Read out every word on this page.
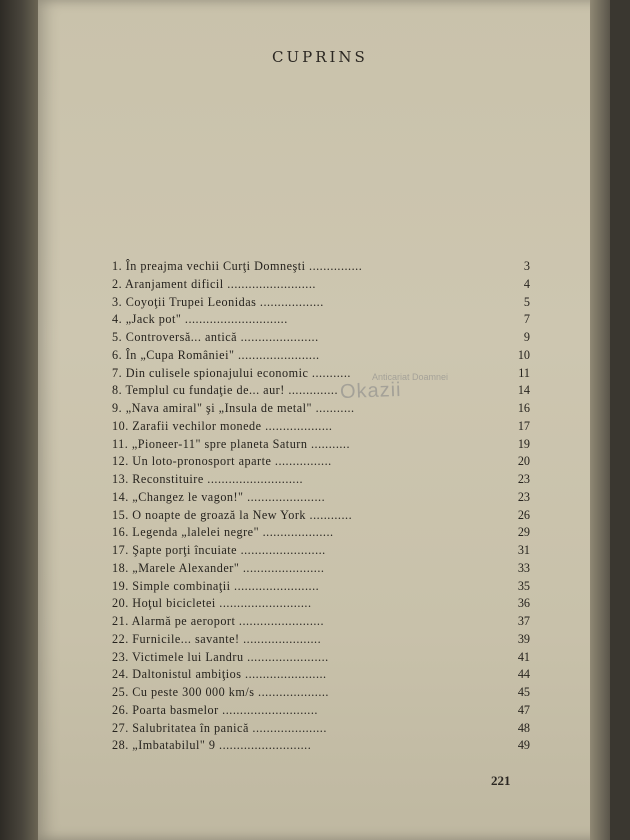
CUPRINS
1. În preajma vechii Curţi Domneşti ...............	3
2. Aranjament dificil .........................	4
3. Coyoţii Trupei Leonidas ..................	5
4. „Jack pot" .............................	7
5. Controversă... antică ......................	9
6. În „Cupa României" .......................	10
7. Din culisele spionajului economic ...........	11
8. Templul cu fundaţie de... aur! ..............	14
9. „Nava amiral" şi „Insula de metal" ...........	16
10. Zarafii vechilor monede ...................	17
11. „Pioneer-11" spre planeta Saturn ...........	19
12. Un loto-pronosport aparte ................	20
13. Reconstituire ...........................	23
14. „Changez le vagon!" ......................	23
15. O noapte de groază la New York ............	26
16. Legenda „lalelei negre" ....................	29
17. Şapte porţi încuiate ........................	31
18. „Marele Alexander" .......................	33
19. Simple combinaţii ........................	35
20. Hoţul bicicletei ..........................	36
21. Alarmă pe aeroport ........................	37
22. Furnicile... savante! ......................	39
23. Victimele lui Landru .......................	41
24. Daltonistul ambiţios .......................	44
25. Cu peste 300 000 km/s ....................	45
26. Poarta basmelor ...........................	47
27. Salubritatea în panică .....................	48
28. „Imbatabilul" 9 ..........................	49
Anticariat Doamnei
Okazii
221
